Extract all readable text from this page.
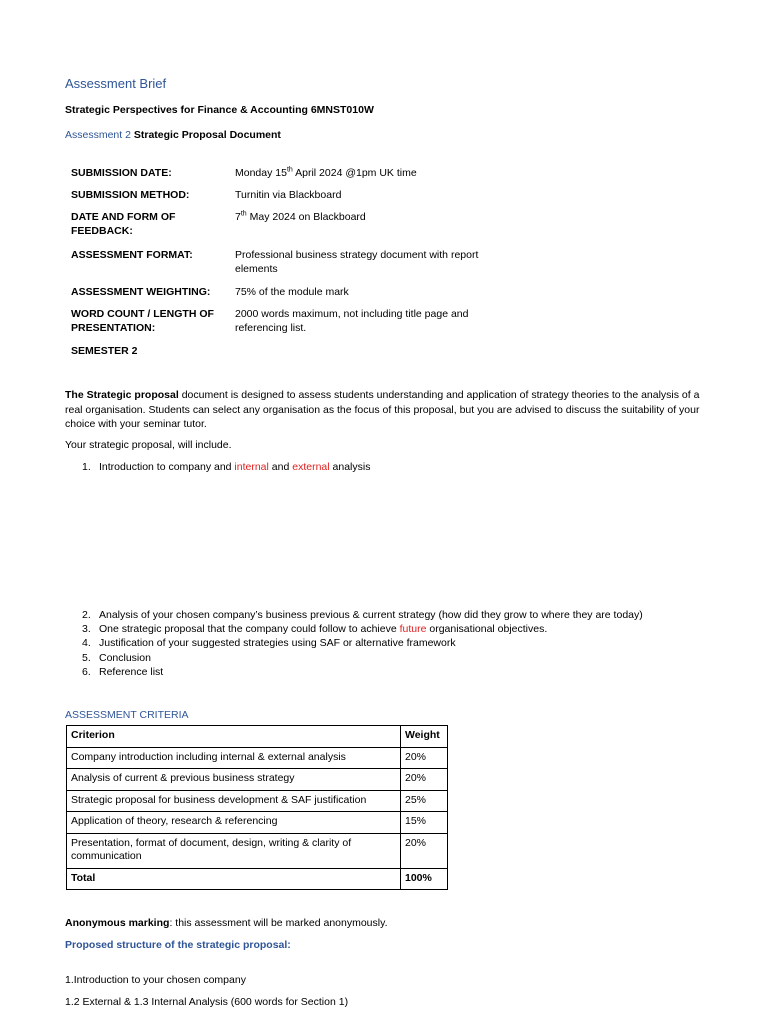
Assessment Brief
Strategic Perspectives for Finance & Accounting 6MNST010W
Assessment 2 Strategic Proposal Document
SUBMISSION DATE:	Monday 15th April 2024 @1pm UK time
SUBMISSION METHOD:	Turnitin via Blackboard
DATE AND FORM OF FEEDBACK:
7th May 2024 on Blackboard
ASSESSMENT FORMAT:	Professional business strategy document with report elements
ASSESSMENT WEIGHTING:	75% of the module mark
WORD COUNT / LENGTH OF PRESENTATION:
2000 words maximum, not including title page and referencing list.
SEMESTER 2
The Strategic proposal document is designed to assess students understanding and application of strategy theories to the analysis of a real organisation. Students can select any organisation as the focus of this proposal, but you are advised to discuss the suitability of your choice with your seminar tutor.
Your strategic proposal, will include.
1. Introduction to company and internal and external analysis
2. Analysis of your chosen company’s business previous & current strategy (how did they grow to where they are today)
3. One strategic proposal that the company could follow to achieve future organisational objectives.
4. Justification of your suggested strategies using SAF or alternative framework
5. Conclusion
6. Reference list
ASSESSMENT CRITERIA
Criterion	Weight
Company introduction including internal & external analysis	20%
Analysis of current & previous business strategy	20%
Strategic proposal for business development & SAF justification	25%
Application of theory, research & referencing	15%
Presentation, format of document, design, writing & clarity of communication	20%
Total	100%
Anonymous marking: this assessment will be marked anonymously.
Proposed structure of the strategic proposal:
1.Introduction to your chosen company
1.2 External & 1.3 Internal Analysis (600 words for Section 1)
